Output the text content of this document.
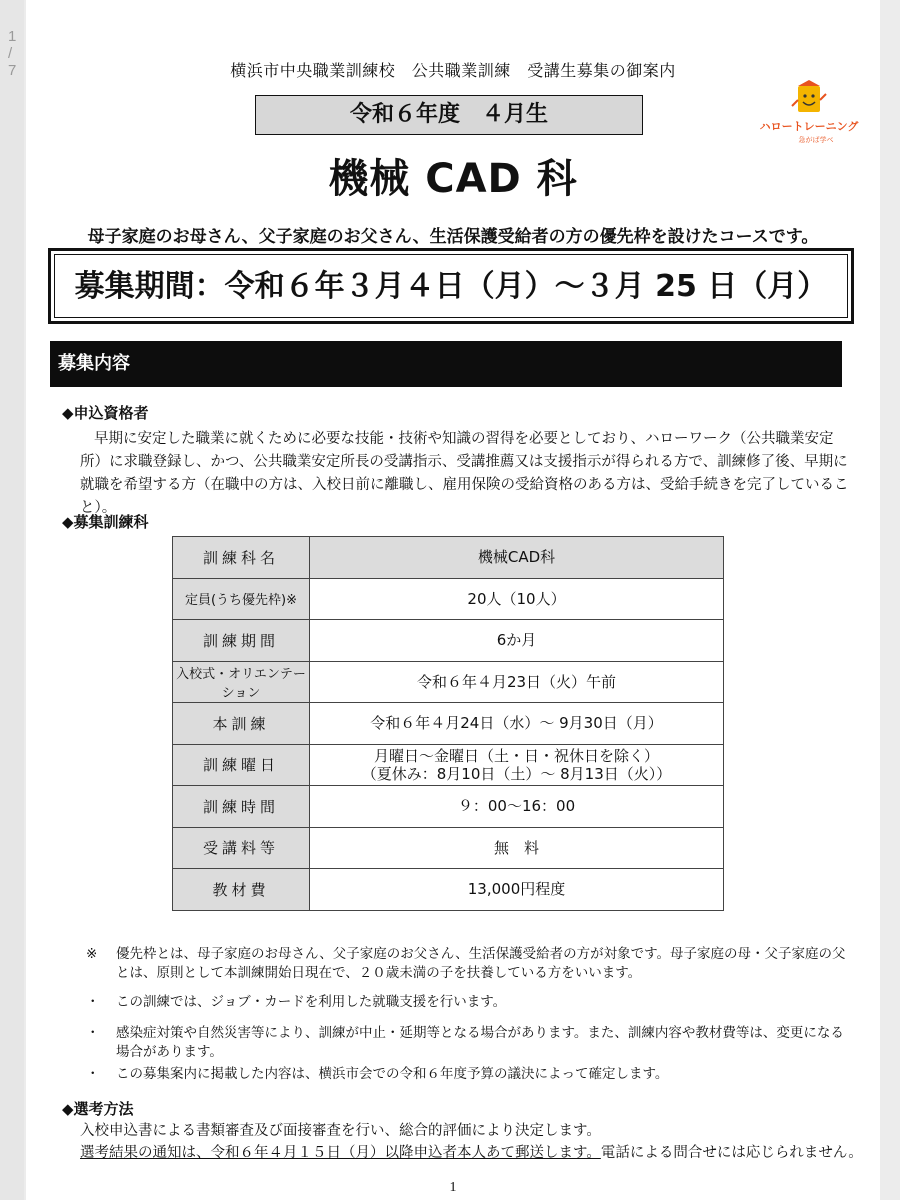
1 / 7	横浜市中央職業訓練校　公共職業訓練　受講生募集の御案内
令和６年度　４月生	ハロートレーニング
急がば学べ
機械 CAD 科
母子家庭のお母さん、父子家庭のお父さん、生活保護受給者の方の優先枠を設けたコースです。
募集期間：令和６年３月４日（月）～３月 25 日（月）
募集内容
◆申込資格者
早期に安定した職業に就くために必要な技能・技術や知識の習得を必要としており、ハローワーク（公共職業安定所）に求職登録し、かつ、公共職業安定所長の受講指示、受講推薦又は支援指示が得られる方で、訓練修了後、早期に就職を希望する方（在職中の方は、入校日前に離職し、雇用保険の受給資格のある方は、受給手続きを完了していること）。
◆募集訓練科
訓練科名	機械CAD科
定員(うち優先枠)※	20人（10人）
訓練期間	6か月
入校式・オリエンテーション	令和６年４月23日（火）午前
本訓練	令和６年４月24日（水）～ 9月30日（月）
訓練曜日	月曜日～金曜日（土・日・祝休日を除く）
（夏休み：8月10日（土）～ 8月13日（火））

訓練時間	９：00～16：00
受講料等	無　料
教材費	13,000円程度
※	優先枠とは、母子家庭のお母さん、父子家庭のお父さん、生活保護受給者の方が対象です。母子家庭の母・父子家庭の父とは、原則として本訓練開始日現在で、２０歳未満の子を扶養している方をいいます。
・	この訓練では、ジョブ・カードを利用した就職支援を行います。
・	感染症対策や自然災害等により、訓練が中止・延期等となる場合があります。また、訓練内容や教材費等は、変更になる場合があります。
・	この募集案内に掲載した内容は、横浜市会での令和６年度予算の議決によって確定します。
◆選考方法
入校申込書による書類審査及び面接審査を行い、総合的評価により決定します。
選考結果の通知は、令和６年４月１５日（月）以降申込者本人あて郵送します。電話による問合せには応じられません。
1
